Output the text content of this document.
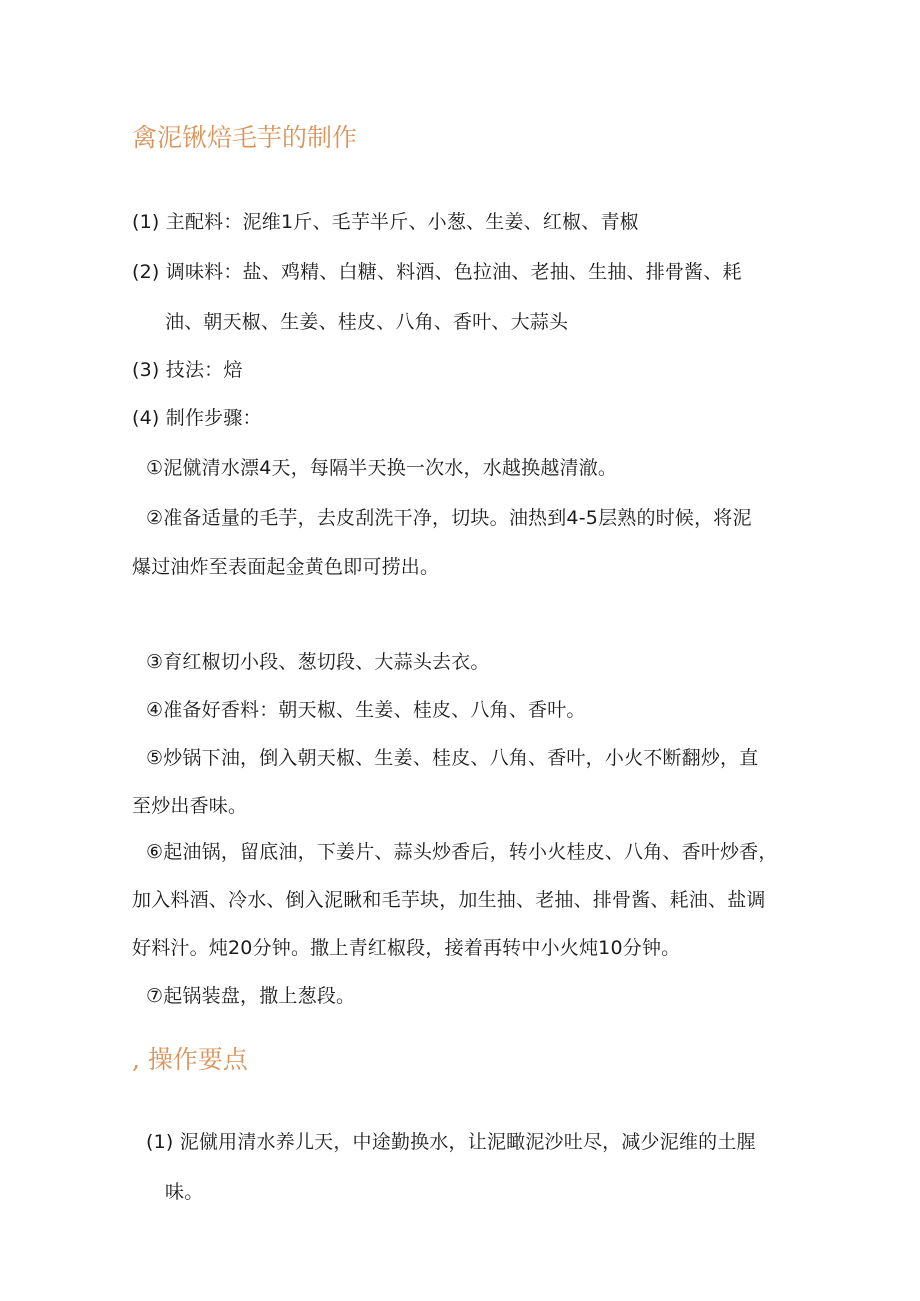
禽泥锹焙毛芋的制作
(1) 主配料：泥维1斤、毛芋半斤、小葱、生姜、红椒、青椒
(2) 调味料：盐、鸡精、白糖、料酒、色拉油、老抽、生抽、排骨酱、耗
油、朝天椒、生姜、桂皮、八角、香叶、大蒜头
(3) 技法：焙
(4) 制作步骤：
①泥僦清水漂4天，每隔半天换一次水，水越换越清澈。
②准备适量的毛芋，去皮刮洗干净，切块。油热到4-5层熟的时候，将泥
爆过油炸至表面起金黄色即可捞出。
③育红椒切小段、葱切段、大蒜头去衣。
④准备好香料：朝天椒、生姜、桂皮、八角、香叶。
⑤炒锅下油，倒入朝天椒、生姜、桂皮、八角、香叶，小火不断翻炒，直
至炒出香味。
⑥起油锅，留底油，下姜片、蒜头炒香后，转小火桂皮、八角、香叶炒香，
加入料酒、冷水、倒入泥瞅和毛芋块，加生抽、老抽、排骨酱、耗油、盐调
好料汁。炖20分钟。撒上青红椒段，接着再转中小火炖10分钟。
⑦起锅装盘，撒上葱段。
, 操作要点
(1) 泥僦用清水养儿天，中途勤换水，让泥瞰泥沙吐尽，减少泥维的土腥
味。
